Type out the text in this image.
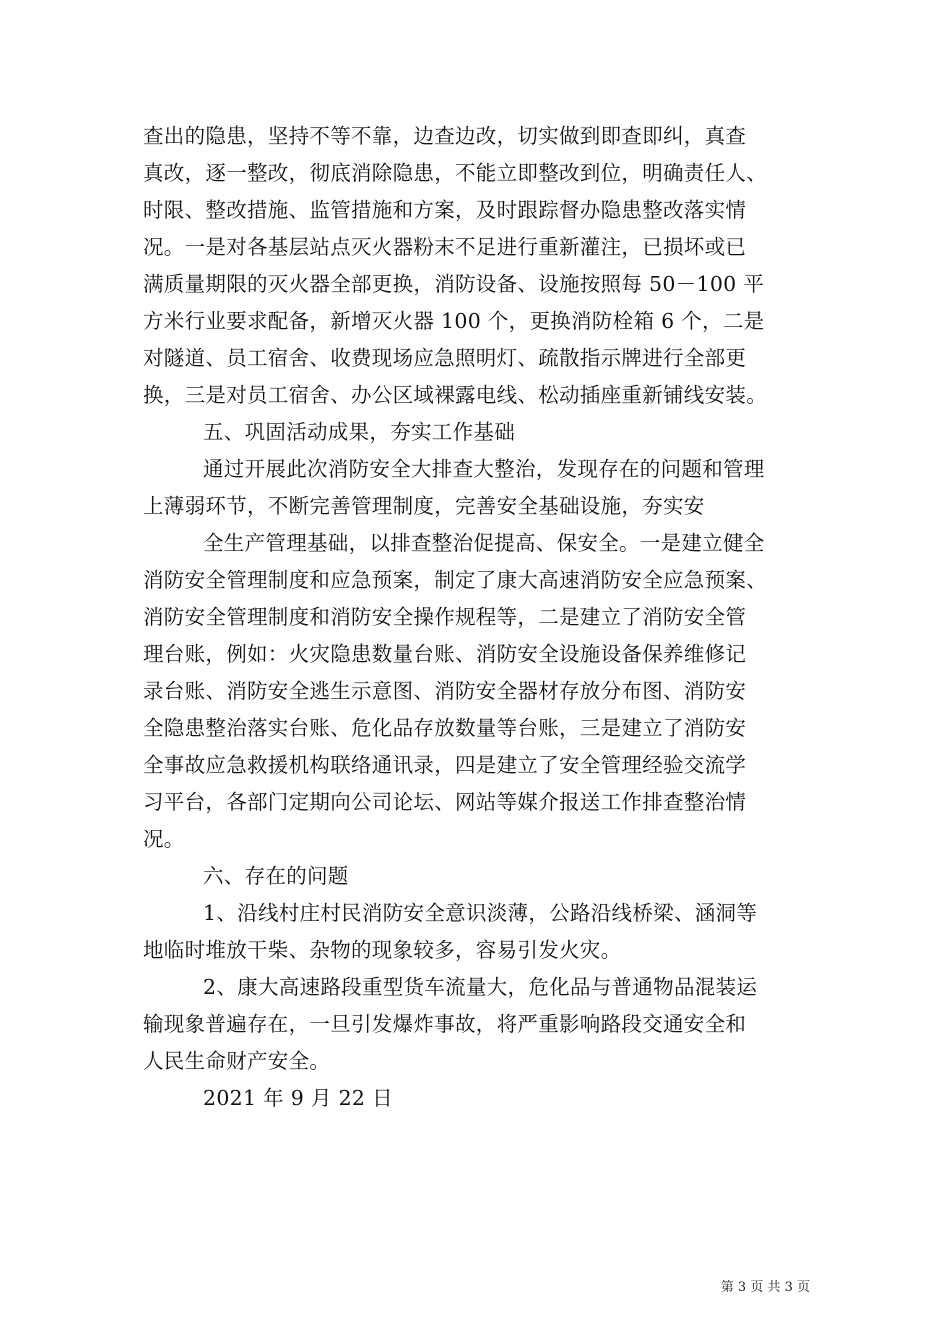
查出的隐患，坚持不等不靠，边查边改，切实做到即查即纠，真查
真改，逐一整改，彻底消除隐患，不能立即整改到位，明确责任人、
时限、整改措施、监管措施和方案，及时跟踪督办隐患整改落实情
况。一是对各基层站点灭火器粉末不足进行重新灌注，已损坏或已
满质量期限的灭火器全部更换，消防设备、设施按照每 50－100 平
方米行业要求配备，新增灭火器 100 个，更换消防栓箱 6 个，二是
对隧道、员工宿舍、收费现场应急照明灯、疏散指示牌进行全部更
换，三是对员工宿舍、办公区域裸露电线、松动插座重新铺线安装。
五、巩固活动成果，夯实工作基础
通过开展此次消防安全大排查大整治，发现存在的问题和管理
上薄弱环节，不断完善管理制度，完善安全基础设施，夯实安
全生产管理基础，以排查整治促提高、保安全。一是建立健全
消防安全管理制度和应急预案，制定了康大高速消防安全应急预案、
消防安全管理制度和消防安全操作规程等，二是建立了消防安全管
理台账，例如：火灾隐患数量台账、消防安全设施设备保养维修记
录台账、消防安全逃生示意图、消防安全器材存放分布图、消防安
全隐患整治落实台账、危化品存放数量等台账，三是建立了消防安
全事故应急救援机构联络通讯录，四是建立了安全管理经验交流学
习平台，各部门定期向公司论坛、网站等媒介报送工作排查整治情
况。
六、存在的问题
1、沿线村庄村民消防安全意识淡薄，公路沿线桥梁、涵洞等
地临时堆放干柴、杂物的现象较多，容易引发火灾。
2、康大高速路段重型货车流量大，危化品与普通物品混装运
输现象普遍存在，一旦引发爆炸事故，将严重影响路段交通安全和
人民生命财产安全。
2021 年 9 月 22 日

第 3 页 共 3 页
